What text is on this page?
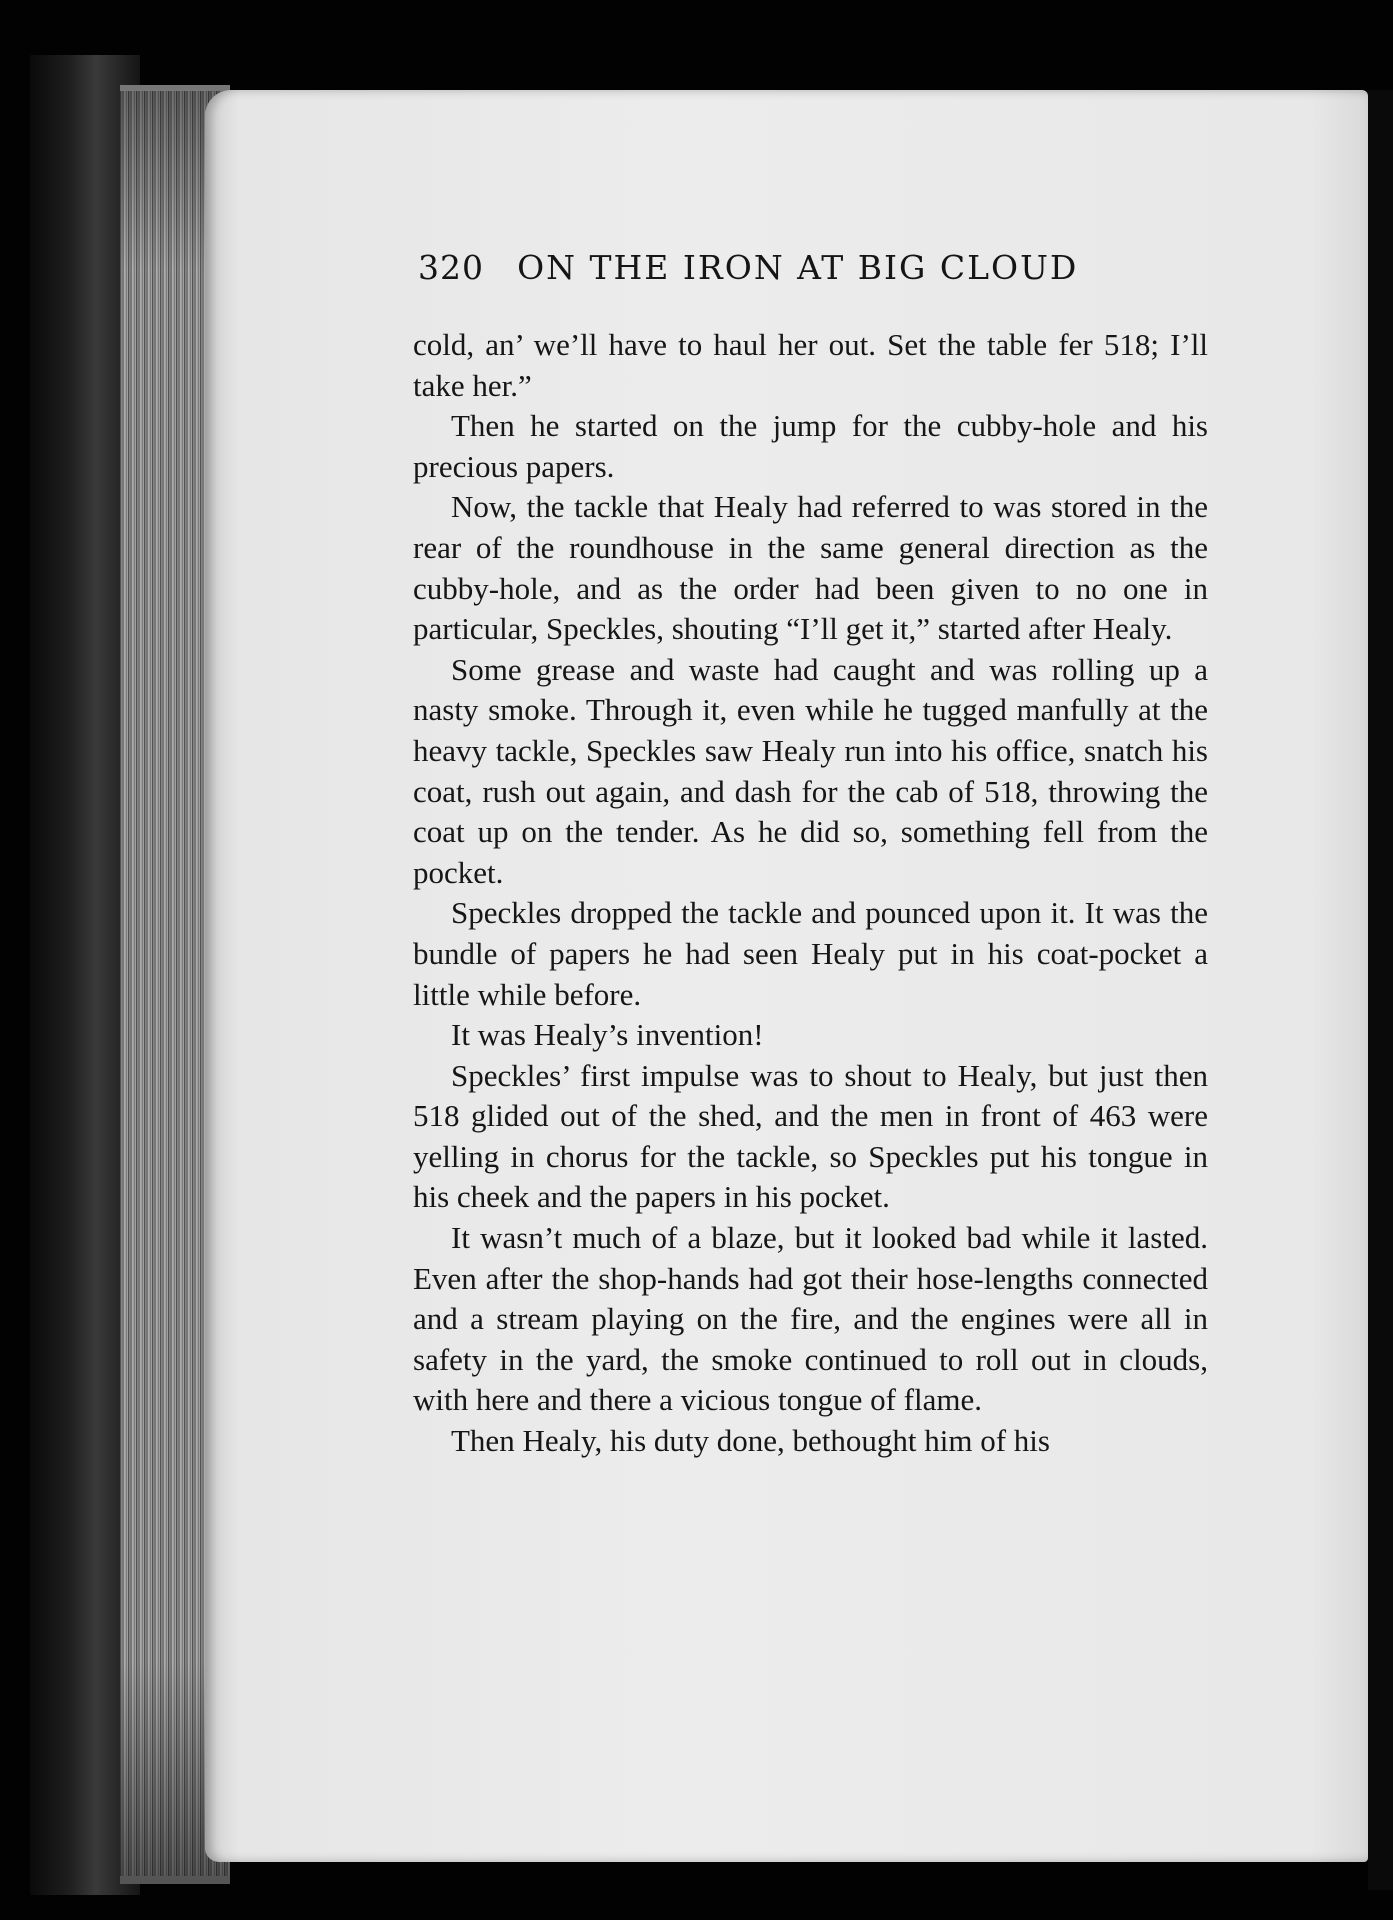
320 ON THE IRON AT BIG CLOUD

cold, an’ we’ll have to haul her out. Set the table fer 518; I’ll take her.”

Then he started on the jump for the cubby-hole and his precious papers.

Now, the tackle that Healy had referred to was stored in the rear of the roundhouse in the same general direction as the cubby-hole, and as the order had been given to no one in particular, Speckles, shouting “I’ll get it,” started after Healy.

Some grease and waste had caught and was rolling up a nasty smoke. Through it, even while he tugged manfully at the heavy tackle, Speckles saw Healy run into his office, snatch his coat, rush out again, and dash for the cab of 518, throwing the coat up on the tender. As he did so, something fell from the pocket.

Speckles dropped the tackle and pounced upon it. It was the bundle of papers he had seen Healy put in his coat-pocket a little while before.

It was Healy’s invention!

Speckles’ first impulse was to shout to Healy, but just then 518 glided out of the shed, and the men in front of 463 were yelling in chorus for the tackle, so Speckles put his tongue in his cheek and the papers in his pocket.

It wasn’t much of a blaze, but it looked bad while it lasted. Even after the shop-hands had got their hose-lengths connected and a stream playing on the fire, and the engines were all in safety in the yard, the smoke continued to roll out in clouds, with here and there a vicious tongue of flame.

Then Healy, his duty done, bethought him of his
